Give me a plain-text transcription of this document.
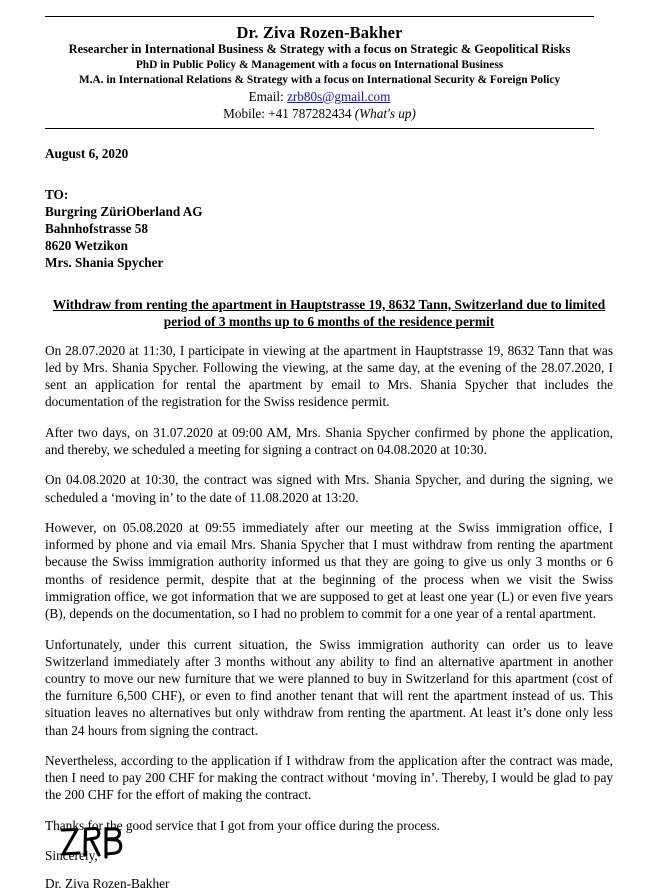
Dr. Ziva Rozen-Bakher
Researcher in International Business & Strategy with a focus on Strategic & Geopolitical Risks
PhD in Public Policy & Management with a focus on International Business
M.A. in International Relations & Strategy with a focus on International Security & Foreign Policy
Email: zrb80s@gmail.com
Mobile: +41 787282434 (What's up)
August 6, 2020
TO:
Burgring ZüriOberland AG
Bahnhofstrasse 58
8620 Wetzikon
Mrs. Shania Spycher
Withdraw from renting the apartment in Hauptstrasse 19, 8632 Tann, Switzerland due to limited period of 3 months up to 6 months of the residence permit

On 28.07.2020 at 11:30, I participate in viewing at the apartment in Hauptstrasse 19, 8632 Tann that was led by Mrs. Shania Spycher. Following the viewing, at the same day, at the evening of the 28.07.2020, I sent an application for rental the apartment by email to Mrs. Shania Spycher that includes the documentation of the registration for the Swiss residence permit.

After two days, on 31.07.2020 at 09:00 AM, Mrs. Shania Spycher confirmed by phone the application, and thereby, we scheduled a meeting for signing a contract on 04.08.2020 at 10:30.

On 04.08.2020 at 10:30, the contract was signed with Mrs. Shania Spycher, and during the signing, we scheduled a ‘moving in’ to the date of 11.08.2020 at 13:20.

However, on 05.08.2020 at 09:55 immediately after our meeting at the Swiss immigration office, I informed by phone and via email Mrs. Shania Spycher that I must withdraw from renting the apartment because the Swiss immigration authority informed us that they are going to give us only 3 months or 6 months of residence permit, despite that at the beginning of the process when we visit the Swiss immigration office, we got information that we are supposed to get at least one year (L) or even five years (B), depends on the documentation, so I had no problem to commit for a one year of a rental apartment.

Unfortunately, under this current situation, the Swiss immigration authority can order us to leave Switzerland immediately after 3 months without any ability to find an alternative apartment in another country to move our new furniture that we were planned to buy in Switzerland for this apartment (cost of the furniture 6,500 CHF), or even to find another tenant that will rent the apartment instead of us. This situation leaves no alternatives but only withdraw from renting the apartment. At least it’s done only less than 24 hours from signing the contract.

Nevertheless, according to the application if I withdraw from the application after the contract was made, then I need to pay 200 CHF for making the contract without ‘moving in’. Thereby, I would be glad to pay the 200 CHF for the effort of making the contract.

Thanks for the good service that I got from your office during the process.

Sincerely,
Dr. Ziva Rozen-Bakher
